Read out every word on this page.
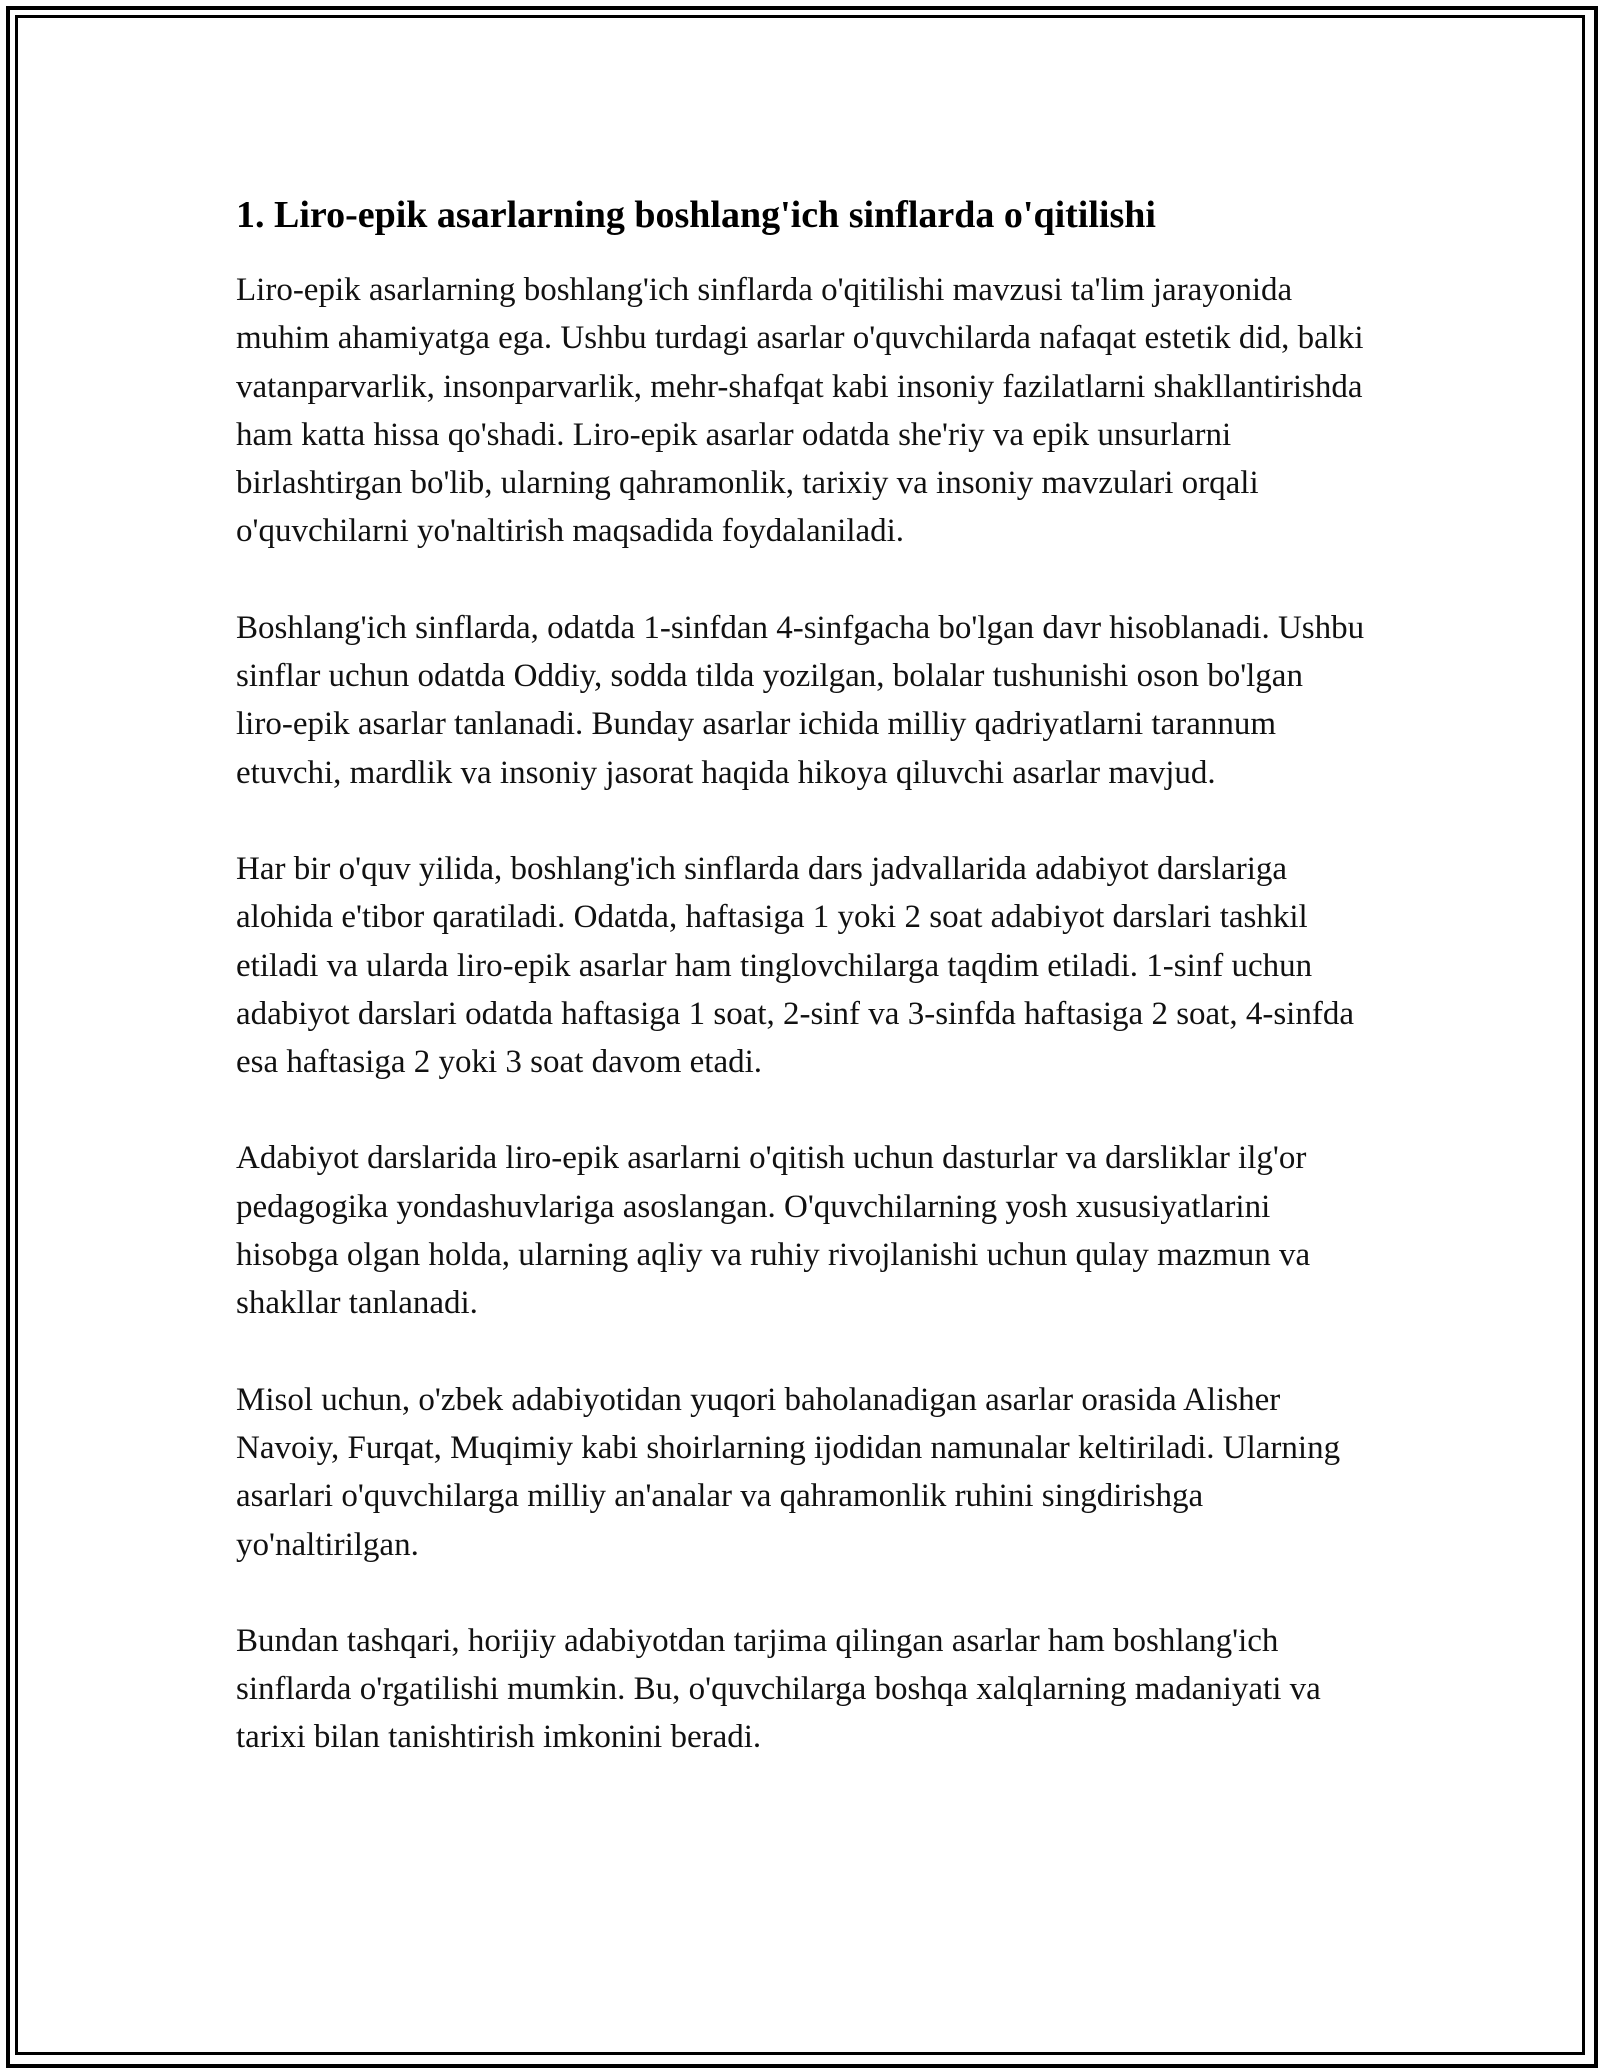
1. Liro-epik asarlarning boshlang'ich sinflarda o'qitilishi

Liro-epik asarlarning boshlang'ich sinflarda o'qitilishi mavzusi ta'lim jarayonida muhim ahamiyatga ega. Ushbu turdagi asarlar o'quvchilarda nafaqat estetik did, balki vatanparvarlik, insonparvarlik, mehr-shafqat kabi insoniy fazilatlarni shakllantirishda ham katta hissa qo'shadi. Liro-epik asarlar odatda she'riy va epik unsurlarni birlashtirgan bo'lib, ularning qahramonlik, tarixiy va insoniy mavzulari orqali o'quvchilarni yo'naltirish maqsadida foydalaniladi.

Boshlang'ich sinflarda, odatda 1-sinfdan 4-sinfgacha bo'lgan davr hisoblanadi. Ushbu sinflar uchun odatda Oddiy, sodda tilda yozilgan, bolalar tushunishi oson bo'lgan liro-epik asarlar tanlanadi. Bunday asarlar ichida milliy qadriyatlarni tarannum etuvchi, mardlik va insoniy jasorat haqida hikoya qiluvchi asarlar mavjud.

Har bir o'quv yilida, boshlang'ich sinflarda dars jadvallarida adabiyot darslariga alohida e'tibor qaratiladi. Odatda, haftasiga 1 yoki 2 soat adabiyot darslari tashkil etiladi va ularda liro-epik asarlar ham tinglovchilarga taqdim etiladi. 1-sinf uchun adabiyot darslari odatda haftasiga 1 soat, 2-sinf va 3-sinfda haftasiga 2 soat, 4-sinfda esa haftasiga 2 yoki 3 soat davom etadi.

Adabiyot darslarida liro-epik asarlarni o'qitish uchun dasturlar va darsliklar ilg'or pedagogika yondashuvlariga asoslangan. O'quvchilarning yosh xususiyatlarini hisobga olgan holda, ularning aqliy va ruhiy rivojlanishi uchun qulay mazmun va shakllar tanlanadi.

Misol uchun, o'zbek adabiyotidan yuqori baholanadigan asarlar orasida Alisher Navoiy, Furqat, Muqimiy kabi shoirlarning ijodidan namunalar keltiriladi. Ularning asarlari o'quvchilarga milliy an'analar va qahramonlik ruhini singdirishga yo'naltirilgan.

Bundan tashqari, horijiy adabiyotdan tarjima qilingan asarlar ham boshlang'ich sinflarda o'rgatilishi mumkin. Bu, o'quvchilarga boshqa xalqlarning madaniyati va tarixi bilan tanishtirish imkonini beradi.
